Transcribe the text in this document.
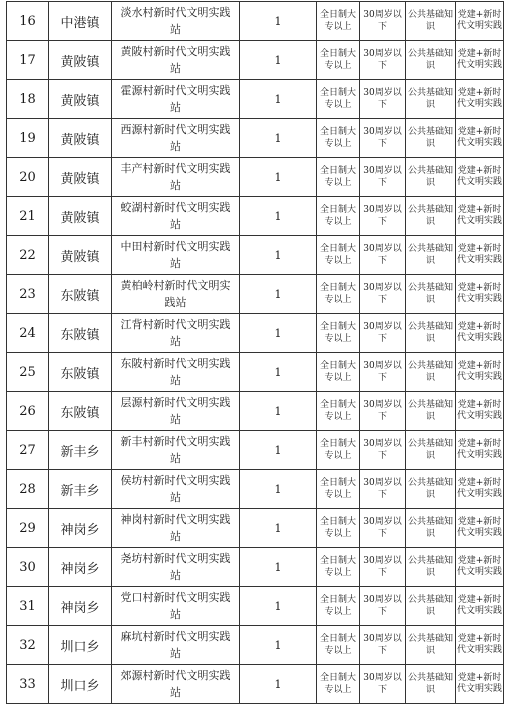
16	中港镇	淡水村新时代文明实践站	1	全日制大专以上	30周岁以下	公共基础知识	党建+新时代文明实践

17	黄陂镇	黄陂村新时代文明实践站	1	全日制大专以上	30周岁以下	公共基础知识	党建+新时代文明实践

18	黄陂镇	霍源村新时代文明实践站	1	全日制大专以上	30周岁以下	公共基础知识	党建+新时代文明实践

19	黄陂镇	西源村新时代文明实践站	1	全日制大专以上	30周岁以下	公共基础知识	党建+新时代文明实践

20	黄陂镇	丰产村新时代文明实践站	1	全日制大专以上	30周岁以下	公共基础知识	党建+新时代文明实践

21	黄陂镇	蛟湖村新时代文明实践站	1	全日制大专以上	30周岁以下	公共基础知识	党建+新时代文明实践

22	黄陂镇	中田村新时代文明实践站	1	全日制大专以上	30周岁以下	公共基础知识	党建+新时代文明实践

23	东陂镇	黄柏岭村新时代文明实践站	1	全日制大专以上	30周岁以下	公共基础知识	党建+新时代文明实践

24	东陂镇	江背村新时代文明实践站	1	全日制大专以上	30周岁以下	公共基础知识	党建+新时代文明实践

25	东陂镇	东陂村新时代文明实践站	1	全日制大专以上	30周岁以下	公共基础知识	党建+新时代文明实践

26	东陂镇	层源村新时代文明实践站	1	全日制大专以上	30周岁以下	公共基础知识	党建+新时代文明实践

27	新丰乡	新丰村新时代文明实践站	1	全日制大专以上	30周岁以下	公共基础知识	党建+新时代文明实践

28	新丰乡	侯坊村新时代文明实践站	1	全日制大专以上	30周岁以下	公共基础知识	党建+新时代文明实践

29	神岗乡	神岗村新时代文明实践站	1	全日制大专以上	30周岁以下	公共基础知识	党建+新时代文明实践

30	神岗乡	尧坊村新时代文明实践站	1	全日制大专以上	30周岁以下	公共基础知识	党建+新时代文明实践

31	神岗乡	党口村新时代文明实践站	1	全日制大专以上	30周岁以下	公共基础知识	党建+新时代文明实践

32	圳口乡	麻坑村新时代文明实践站	1	全日制大专以上	30周岁以下	公共基础知识	党建+新时代文明实践

33	圳口乡	郊源村新时代文明实践站	1	全日制大专以上	30周岁以下	公共基础知识	党建+新时代文明实践
